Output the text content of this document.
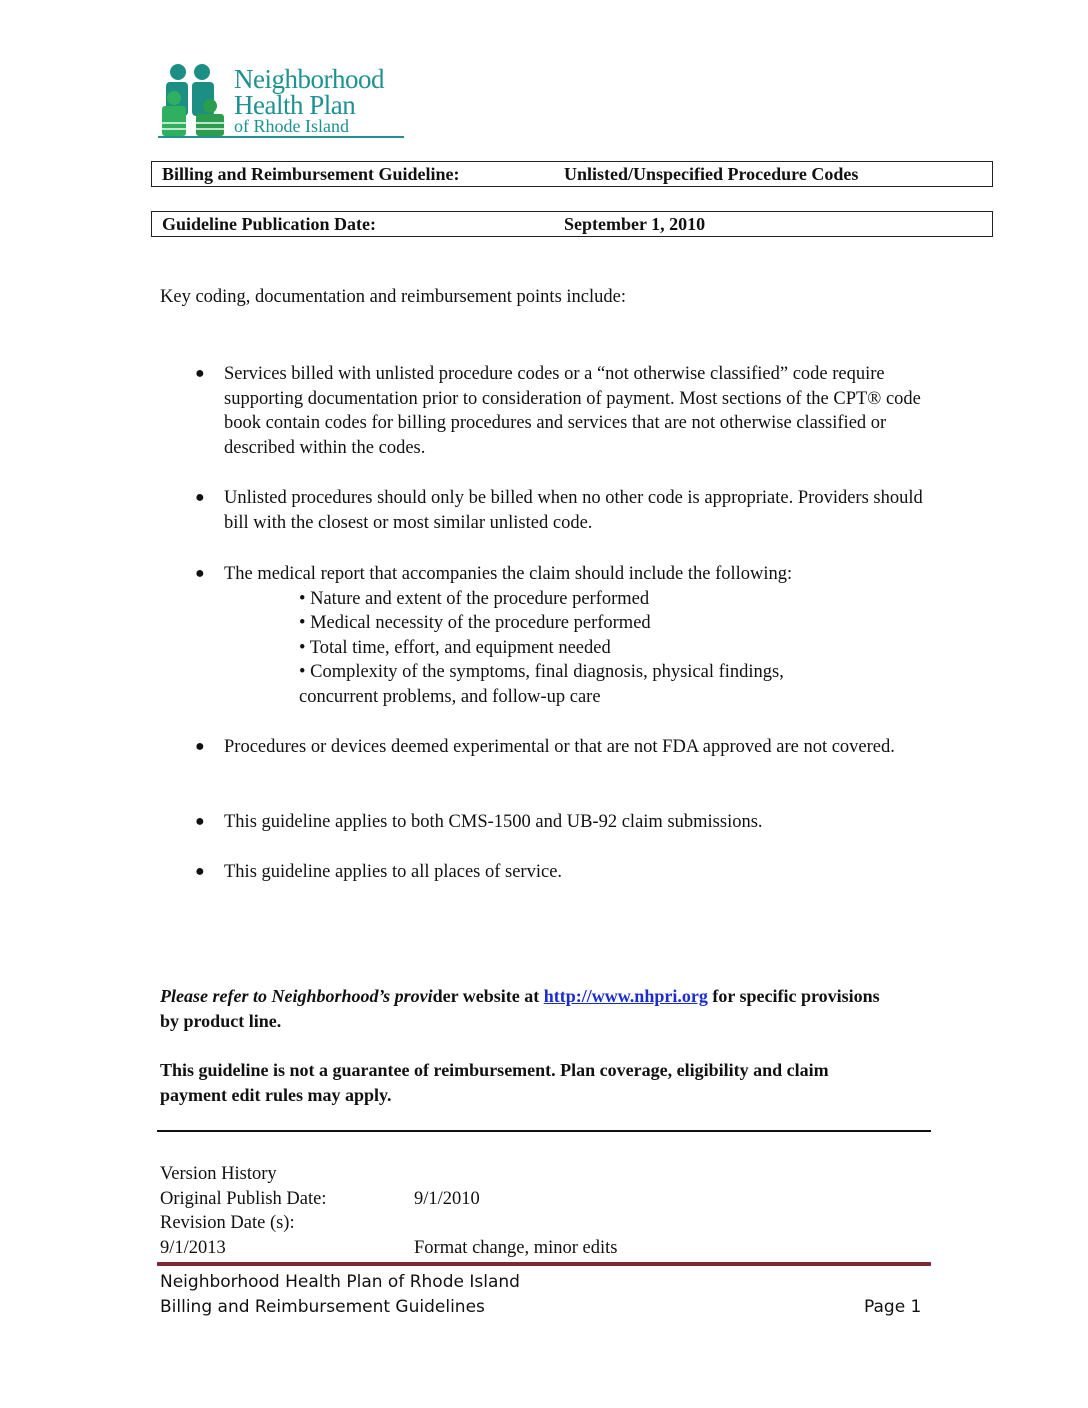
Neighborhood
Health Plan
of Rhode Island
Billing and Reimbursement Guideline:	Unlisted/Unspecified Procedure Codes
Guideline Publication Date:	September 1, 2010
Key coding, documentation and reimbursement points include:
● Services billed with unlisted procedure codes or a “not otherwise classified” code require supporting documentation prior to consideration of payment. Most sections of the CPT® code book contain codes for billing procedures and services that are not otherwise classified or described within the codes.
● Unlisted procedures should only be billed when no other code is appropriate. Providers should bill with the closest or most similar unlisted code.
● The medical report that accompanies the claim should include the following:
• Nature and extent of the procedure performed
• Medical necessity of the procedure performed
• Total time, effort, and equipment needed
• Complexity of the symptoms, final diagnosis, physical findings,
concurrent problems, and follow-up care
● Procedures or devices deemed experimental or that are not FDA approved are not covered.
● This guideline applies to both CMS-1500 and UB-92 claim submissions.
● This guideline applies to all places of service.
Please refer to Neighborhood’s provider website at http://www.nhpri.org for specific provisions by product line.
This guideline is not a guarantee of reimbursement. Plan coverage, eligibility and claim payment edit rules may apply.
Version History
Original Publish Date:	9/1/2010
Revision Date (s):
9/1/2013	Format change, minor edits
Neighborhood Health Plan of Rhode Island
Billing and Reimbursement Guidelines	Page 1
